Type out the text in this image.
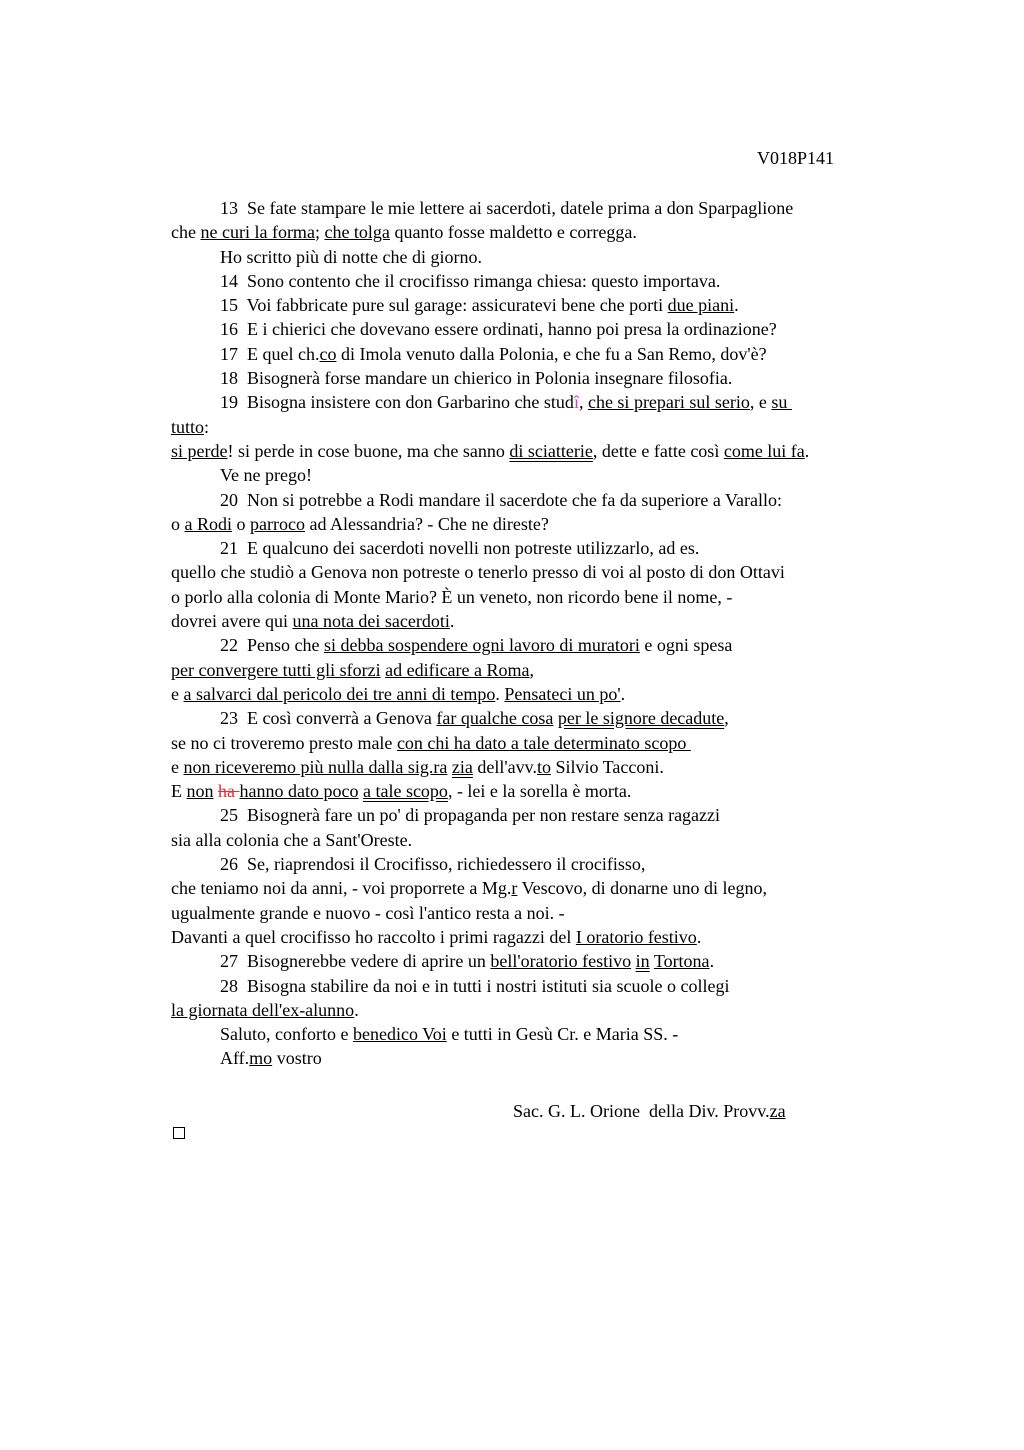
V018P141
13  Se fate stampare le mie lettere ai sacerdoti, datele prima a don Sparpaglione
che ne curi la forma; che tolga quanto fosse maldetto e corregga.
Ho scritto più di notte che di giorno.
14  Sono contento che il crocifisso rimanga chiesa: questo importava.
15  Voi fabbricate pure sul garage: assicuratevi bene che porti due piani.
16  E i chierici che dovevano essere ordinati, hanno poi presa la ordinazione?
17  E quel ch.co di Imola venuto dalla Polonia, e che fu a San Remo, dov'è?
18  Bisognerà forse mandare un chierico in Polonia insegnare filosofia.
19  Bisogna insistere con don Garbarino che studî, che si prepari sul serio, e su
tutto:
si perde! si perde in cose buone, ma che sanno di sciatterie, dette e fatte così come lui fa.
Ve ne prego!
20  Non si potrebbe a Rodi mandare il sacerdote che fa da superiore a Varallo:
o a Rodi o parroco ad Alessandria? - Che ne direste?
21  E qualcuno dei sacerdoti novelli non potreste utilizzarlo, ad es.
quello che studiò a Genova non potreste o tenerlo presso di voi al posto di don Ottavi
o porlo alla colonia di Monte Mario? È un veneto, non ricordo bene il nome, -
dovrei avere qui una nota dei sacerdoti.
22  Penso che si debba sospendere ogni lavoro di muratori e ogni spesa
per convergere tutti gli sforzi ad edificare a Roma,
e a salvarci dal pericolo dei tre anni di tempo. Pensateci un po'.
23  E così converrà a Genova far qualche cosa per le signore decadute,
se no ci troveremo presto male con chi ha dato a tale determinato scopo
e non riceveremo più nulla dalla sig.ra zia dell'avv.to Silvio Tacconi.
E non ha hanno dato poco a tale scopo, - lei e la sorella è morta.
25  Bisognerà fare un po' di propaganda per non restare senza ragazzi
sia alla colonia che a Sant'Oreste.
26  Se, riaprendosi il Crocifisso, richiedessero il crocifisso,
che teniamo noi da anni, - voi proporrete a Mg.r Vescovo, di donarne uno di legno,
ugualmente grande e nuovo - così l'antico resta a noi. -
Davanti a quel crocifisso ho raccolto i primi ragazzi del I oratorio festivo.
27  Bisognerebbe vedere di aprire un bell'oratorio festivo in Tortona.
28  Bisogna stabilire da noi e in tutti i nostri istituti sia scuole o collegi
la giornata dell'ex-alunno.
Saluto, conforto e benedico Voi e tutti in Gesù Cr. e Maria SS. -
Aff.mo vostro
Sac. G. L. Orione  della Div. Provv.za
